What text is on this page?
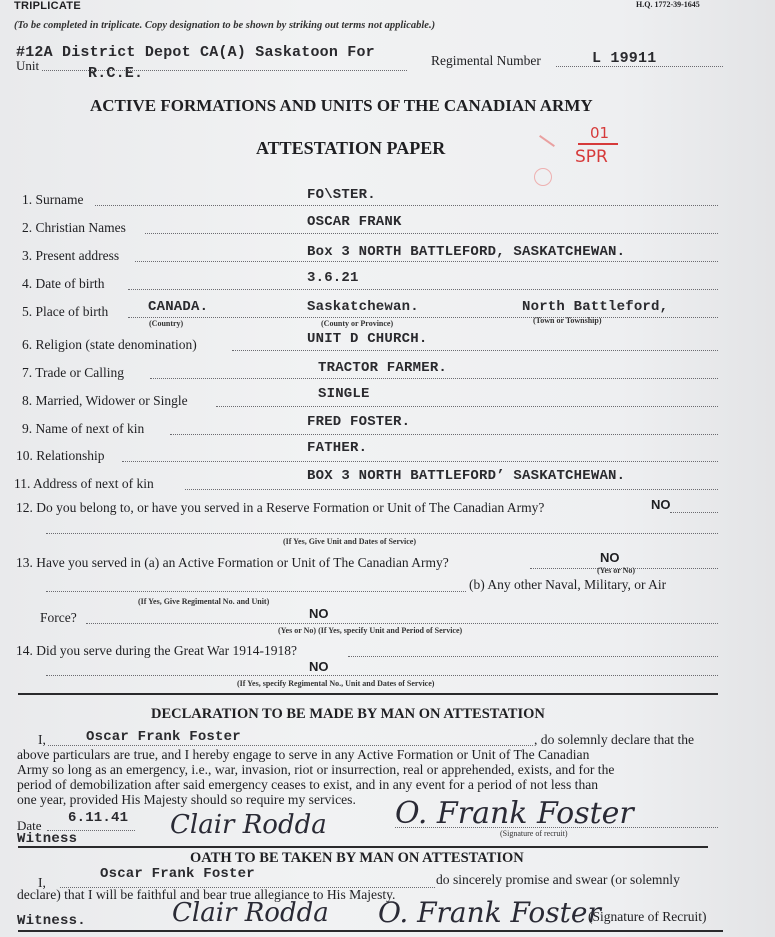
TRIPLICATE	H.Q. 1772-39-1645
(To be completed in triplicate. Copy designation to be shown by striking out terms not applicable.)
Unit
#12A District Depot CA(A) Saskatoon For
R.C.E.
Regimental Number	L 19911
ACTIVE FORMATIONS AND UNITS OF THE CANADIAN ARMY
ATTESTATION PAPER
01
SPR
1. Surname	FO\STER.
2. Christian Names	OSCAR FRANK
3. Present address	Box 3 NORTH BATTLEFORD, SASKATCHEWAN.
4. Date of birth	3.6.21
5. Place of birth	CANADA.	Saskatchewan.	North Battleford,
(Country)	(County or Province)	(Town or Township)
6. Religion (state denomination)	UNIT D CHURCH.
7. Trade or Calling	TRACTOR FARMER.
8. Married, Widower or Single	SINGLE
9. Name of next of kin	FRED FOSTER.
10. Relationship	FATHER.
11. Address of next of kin	BOX 3 NORTH BATTLEFORD’ SASKATCHEWAN.
12. Do you belong to, or have you served in a Reserve Formation or Unit of The Canadian Army?	NO
(If Yes, Give Unit and Dates of Service)
13. Have you served in (a) an Active Formation or Unit of The Canadian Army?	NO
(Yes or No)
(b) Any other Naval, Military, or Air
(If Yes, Give Regimental No. and Unit)
Force?	NO
(Yes or No) (If Yes, specify Unit and Period of Service)
14. Did you serve during the Great War 1914-1918?
NO
(If Yes, specify Regimental No., Unit and Dates of Service)
DECLARATION TO BE MADE BY MAN ON ATTESTATION
I,	Oscar Frank Foster	, do solemnly declare that the
above particulars are true, and I hereby engage to serve in any Active Formation or Unit of The Canadian
Army so long as an emergency, i.e., war, invasion, riot or insurrection, real or apprehended, exists, and for the
period of demobilization after said emergency ceases to exist, and in any event for a period of not less than
one year, provided His Majesty should so require my services.
Date 6.11.41	O. Frank Foster
(Signature of recruit)
Witness	Clair Rodda
OATH TO BE TAKEN BY MAN ON ATTESTATION
I,
Oscar Frank Foster	do sincerely promise and swear (or solemnly
declare) that I will be faithful and bear true allegiance to His Majesty.
Witness.	Clair Rodda O. Frank Foster
(Signature of Recruit)
